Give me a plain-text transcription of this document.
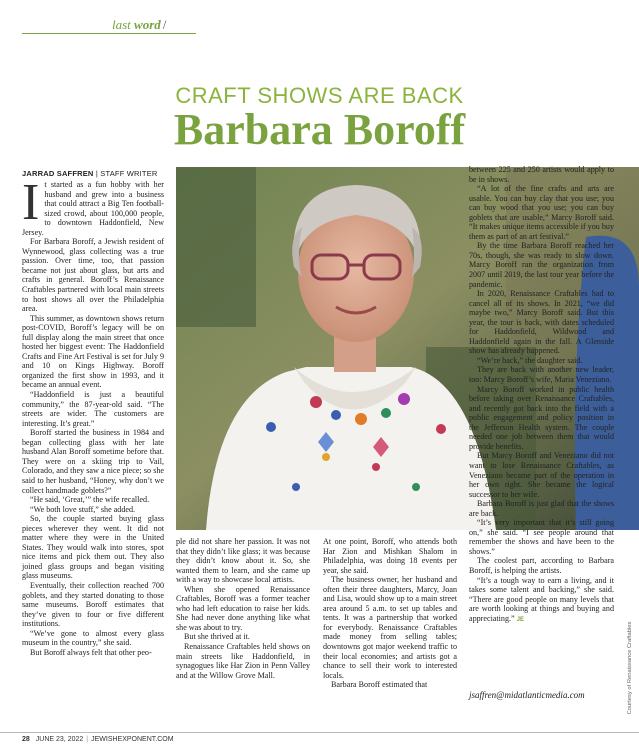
last word /
CRAFT SHOWS ARE BACK
Barbara Boroff
JARRAD SAFFREN | STAFF WRITER

It started as a fun hobby with her husband and grew into a business that could attract a Big Ten football-sized crowd, about 100,000 people, to downtown Haddonfield, New Jersey.

For Barbara Boroff, a Jewish resident of Wynnewood, glass collecting was a true passion. Over time, too, that passion became not just about glass, but arts and crafts in general. Boroff’s Renaissance Craftables partnered with local main streets to host shows all over the Philadelphia area.

This summer, as downtown shows return post-COVID, Boroff’s legacy will be on full display along the main street that once hosted her biggest event: The Haddonfield Crafts and Fine Art Festival is set for July 9 and 10 on Kings Highway. Boroff organized the first show in 1993, and it became an annual event.

“Haddonfield is just a beautiful community,” the 87-year-old said. “The streets are wider. The customers are interesting. It’s great.”

Boroff started the business in 1984 and began collecting glass with her late husband Alan Boroff sometime before that. They were on a skiing trip to Vail, Colorado, and they saw a nice piece; so she said to her husband, “Honey, why don’t we collect handmade goblets?”

“He said, ‘Great,’” the wife recalled.

“We both love stuff,” she added.

So, the couple started buying glass pieces wherever they went. It did not matter where they were in the United States. They would walk into stores, spot nice items and pick them out. They also joined glass groups and began visiting glass museums.

Eventually, their collection reached 700 goblets, and they started donating to those same museums. Boroff estimates that they’ve given to four or five different institutions.

“We’ve gone to almost every glass museum in the country,” she said.

But Boroff always felt that other peo-

ple did not share her passion. It was not that they didn’t like glass; it was because they didn’t know about it. So, she wanted them to learn, and she came up with a way to showcase local artists.

When she opened Renaissance Craftables, Boroff was a former teacher who had left education to raise her kids. She had never done anything like what she was about to try.

But she thrived at it.

Renaissance Craftables held shows on main streets like Haddonfield, in synagogues like Har Zion in Penn Valley and at the Willow Grove Mall.

At one point, Boroff, who attends both Har Zion and Mishkan Shalom in Philadelphia, was doing 18 events per year, she said.

The business owner, her husband and often their three daughters, Marcy, Joan and Lisa, would show up to a main street area around 5 a.m. to set up tables and tents. It was a partnership that worked for everybody. Renaissance Craftables made money from selling tables; downtowns got major weekend traffic to their local economies; and artists got a chance to sell their work to interested locals.

Barbara Boroff estimated that

between 225 and 250 artists would apply to be in shows.

“A lot of the fine crafts and arts are usable. You can buy clay that you use; you can buy wood that you use; you can buy goblets that are usable,” Marcy Boroff said. “It makes unique items accessible if you buy them as part of an art festival.”

By the time Barbara Boroff reached her 70s, though, she was ready to slow down. Marcy Boroff ran the organization from 2007 until 2019, the last tour year before the pandemic.

In 2020, Renaissance Craftables had to cancel all of its shows. In 2021, “we did maybe two,” Marcy Boroff said. But this year, the tour is back, with dates scheduled for Haddonfield, Wildwood and Haddonfield again in the fall. A Glenside show has already happened.

“We’re back,” the daughter said.

They are back with another new leader, too: Marcy Boroff’s wife, Maria Veneziano.

Marcy Boroff worked in public health before taking over Renaissance Craftables, and recently got back into the field with a public engagement and policy position in the Jefferson Health system. The couple needed one job between them that would provide benefits.

But Marcy Boroff and Veneziano did not want to lose Renaissance Craftables, as Veneziano became part of the operation in her own right. She became the logical successor to her wife.

Barbara Boroff is just glad that the shows are back.

“It’s very important that it’s still going on,” she said. “I see people around that remember the shows and have been to the shows.”

The coolest part, according to Barbara Boroff, is helping the artists.

“It’s a tough way to earn a living, and it takes some talent and backing,” she said. “There are good people on many levels that are worth looking at things and buying and appreciating.” JE

jsaffren@midatlanticmedia.com	Courtesy of Renaissance Craftables
28 JUNE 23, 2022 | JEWISHEXPONENT.COM
